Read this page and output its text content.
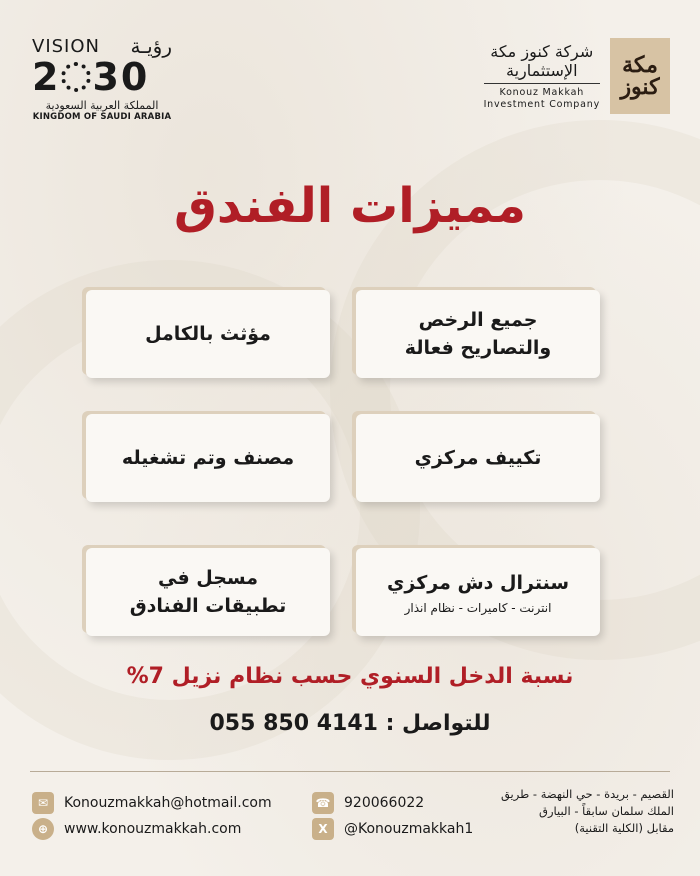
VISION رؤيـة
2 30
المملكة العربية السعودية
KINGDOM OF SAUDI ARABIA
شركة كنوز مكة
الإستثمارية
Konouz Makkah
Investment Company
مكة كنوز
مميزات الفندق
جميع الرخص والتصاريح فعالة
مؤثث بالكامل
تكييف مركزي
مصنف وتم تشغيله
سنترال دش مركزي
انترنت - كاميرات - نظام انذار
مسجل في تطبيقات الفنادق
نسبة الدخل السنوي حسب نظام نزيل 7%
للتواصل : 4141 850 055
✉	Konouzmakkah@hotmail.com
⊕	www.konouzmakkah.com
☎ 920066022
X	@Konouzmakkah1
القصيم - بريدة - حي النهضة - طريق
الملك سلمان سابقاً - البيارق
مقابل (الكلية التقنية)
